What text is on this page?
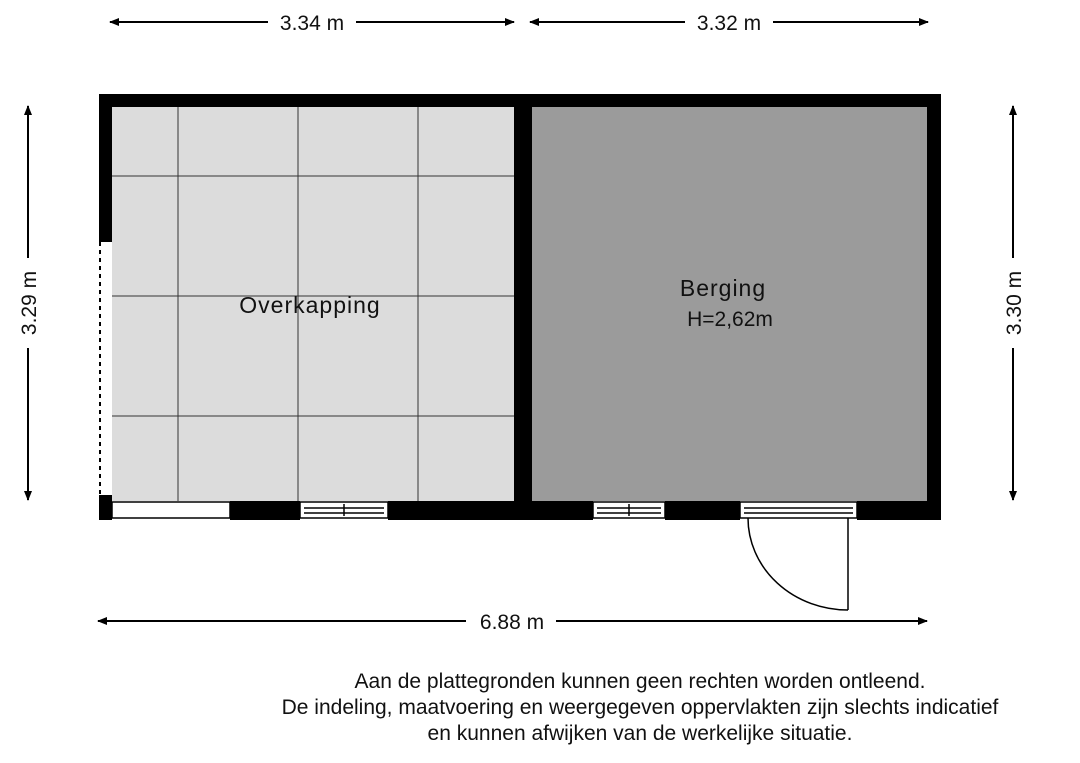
3.34 m	3.32 m
3.29 m	3.30 m
6.88 m
Overkapping
Berging
H=2,62m
Aan de plattegronden kunnen geen rechten worden ontleend.
De indeling, maatvoering en weergegeven oppervlakten zijn slechts indicatief
en kunnen afwijken van de werkelijke situatie.
